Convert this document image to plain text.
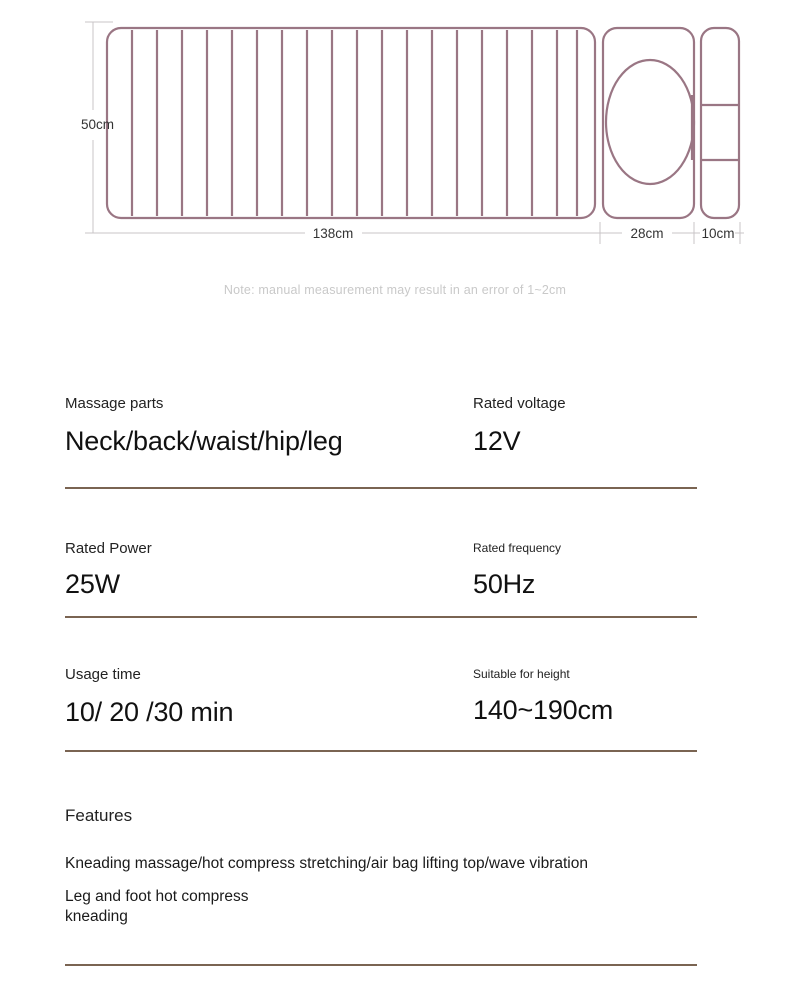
50cm
138cm	28cm	10cm
Note: manual measurement may result in an error of 1~2cm
Massage parts
Neck/back/waist/hip/leg
Rated voltage
12V
Rated Power
25W
Rated frequency
50Hz
Usage time
10/ 20 /30 min
Suitable for height
140~190cm
Features
Kneading massage/hot compress stretching/air bag lifting top/wave vibration
Leg and foot hot compress
kneading
